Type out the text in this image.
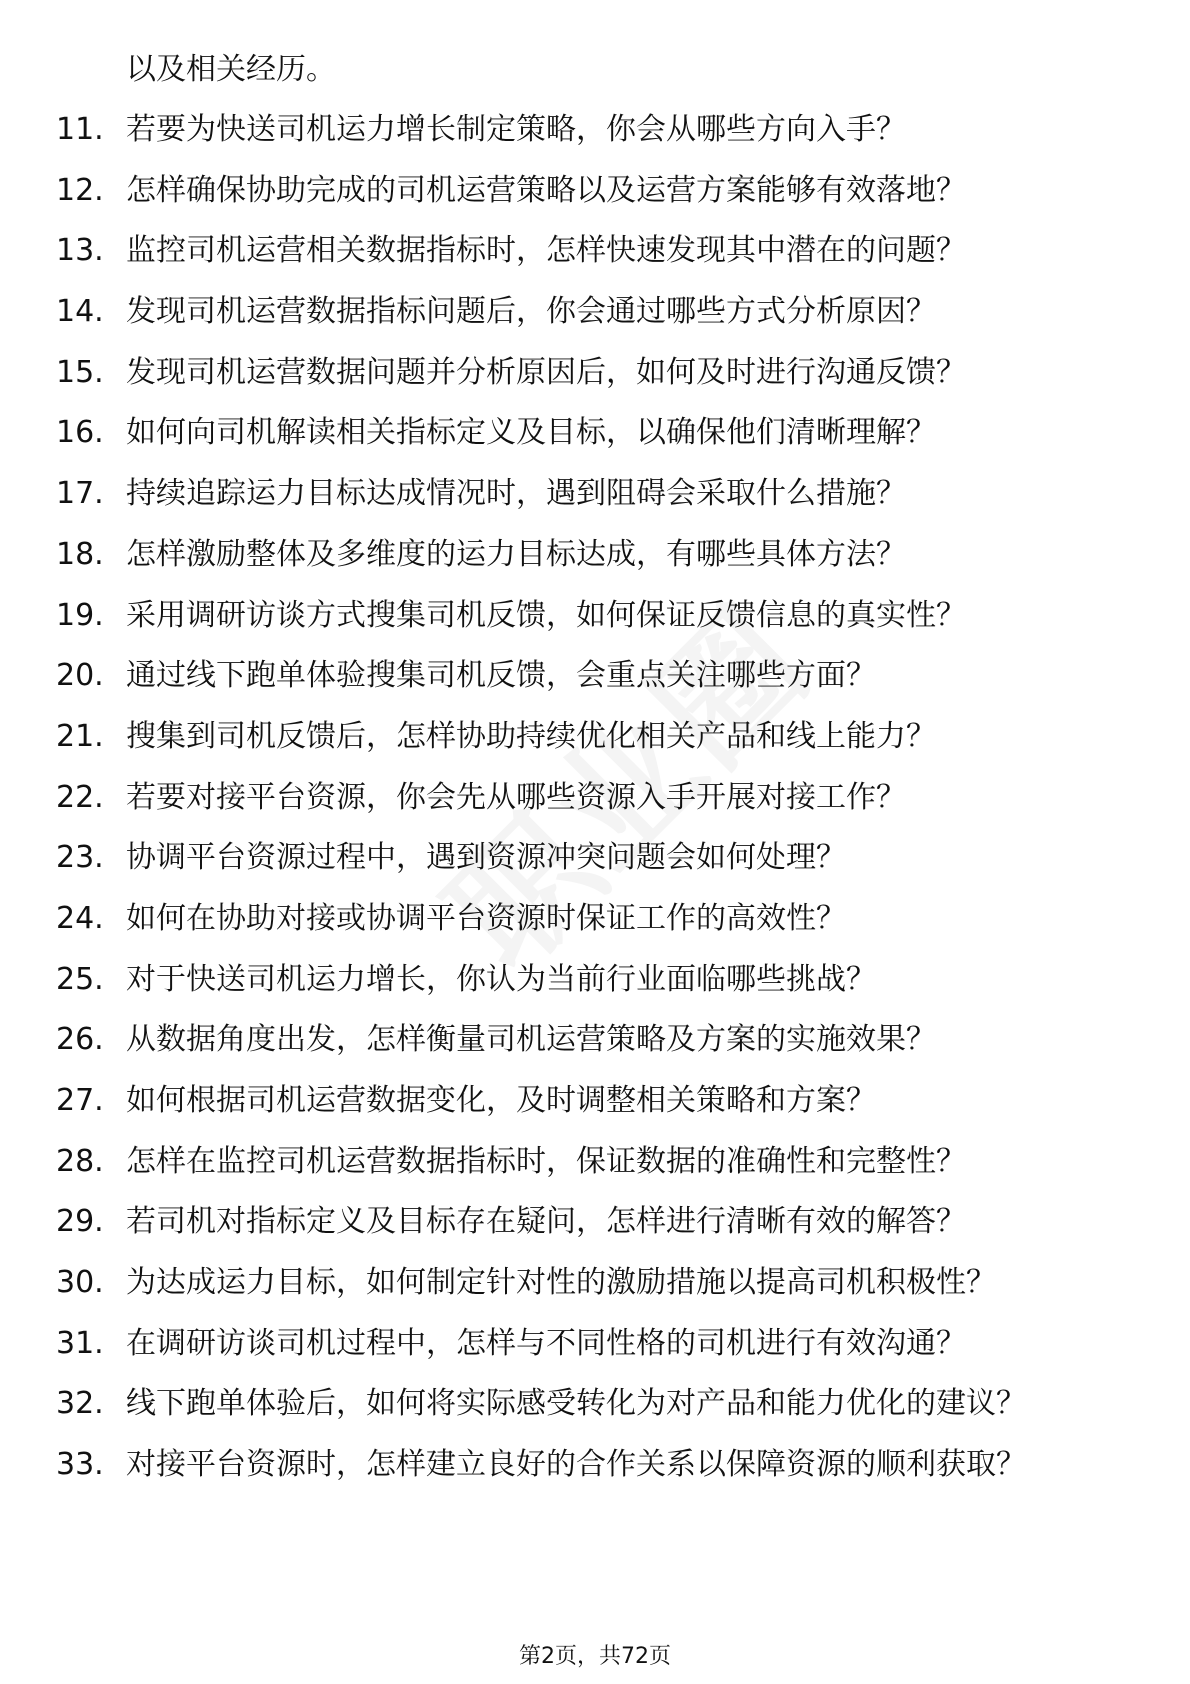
以及相关经历。
11. 若要为快送司机运力增长制定策略，你会从哪些方向入手？
12. 怎样确保协助完成的司机运营策略以及运营方案能够有效落地？
13. 监控司机运营相关数据指标时，怎样快速发现其中潜在的问题？
14. 发现司机运营数据指标问题后，你会通过哪些方式分析原因？
15. 发现司机运营数据问题并分析原因后，如何及时进行沟通反馈？
16. 如何向司机解读相关指标定义及目标，以确保他们清晰理解？
17. 持续追踪运力目标达成情况时，遇到阻碍会采取什么措施？
18. 怎样激励整体及多维度的运力目标达成，有哪些具体方法？
19. 采用调研访谈方式搜集司机反馈，如何保证反馈信息的真实性？
20. 通过线下跑单体验搜集司机反馈，会重点关注哪些方面？
21. 搜集到司机反馈后，怎样协助持续优化相关产品和线上能力？
22. 若要对接平台资源，你会先从哪些资源入手开展对接工作？
23. 协调平台资源过程中，遇到资源冲突问题会如何处理？
24. 如何在协助对接或协调平台资源时保证工作的高效性？
25. 对于快送司机运力增长，你认为当前行业面临哪些挑战？
26. 从数据角度出发，怎样衡量司机运营策略及方案的实施效果？
27. 如何根据司机运营数据变化，及时调整相关策略和方案？
28. 怎样在监控司机运营数据指标时，保证数据的准确性和完整性？
29. 若司机对指标定义及目标存在疑问，怎样进行清晰有效的解答？
30. 为达成运力目标，如何制定针对性的激励措施以提高司机积极性？
31. 在调研访谈司机过程中，怎样与不同性格的司机进行有效沟通？
32. 线下跑单体验后，如何将实际感受转化为对产品和能力优化的建议？
33. 对接平台资源时，怎样建立良好的合作关系以保障资源的顺利获取？
第2页，共72页
